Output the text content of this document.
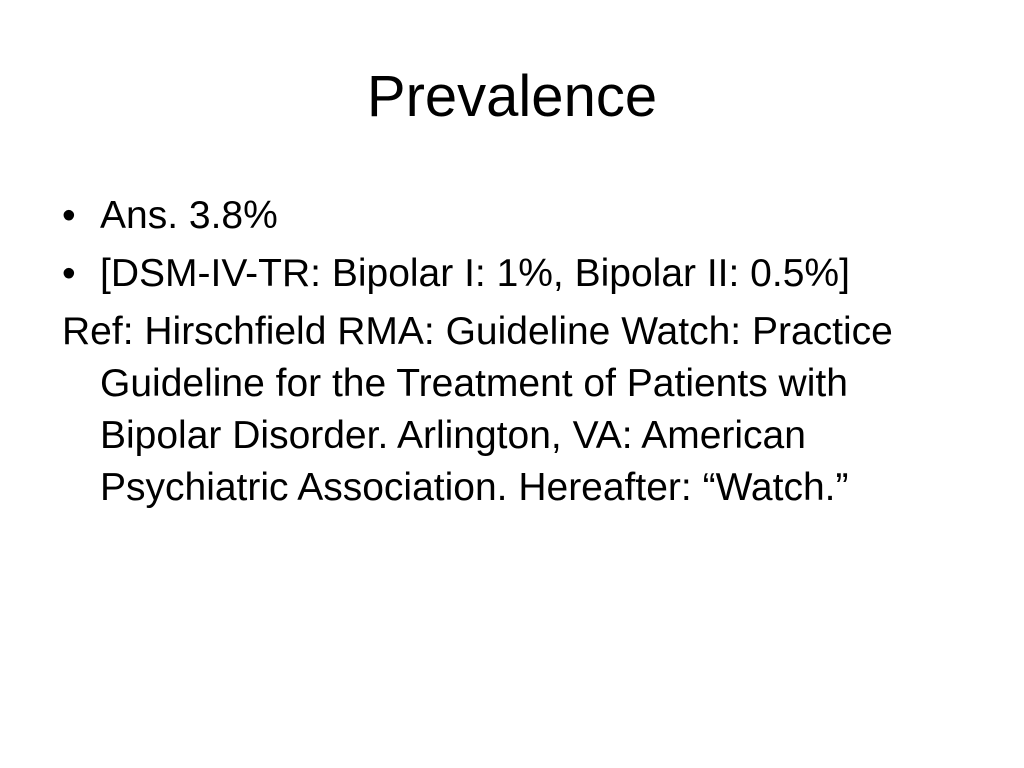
Prevalence
• Ans. 3.8%
• [DSM-IV-TR: Bipolar I: 1%, Bipolar II: 0.5%]

Ref: Hirschfield RMA: Guideline Watch: Practice Guideline for the Treatment of Patients with Bipolar Disorder. Arlington, VA: American Psychiatric Association. Hereafter: “Watch.”
